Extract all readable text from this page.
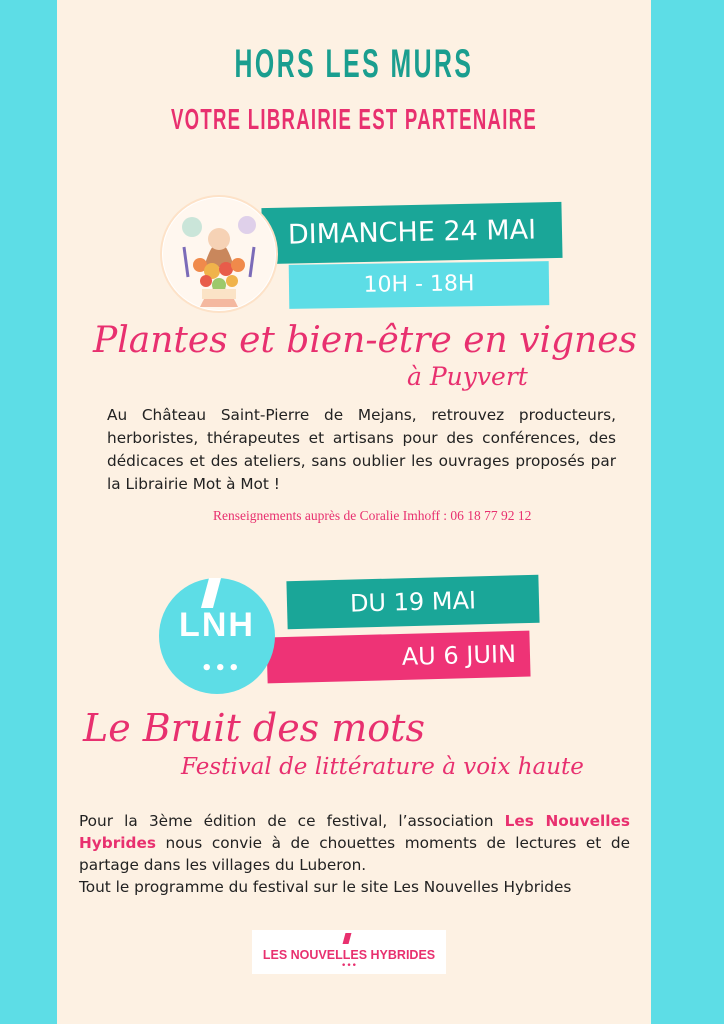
HORS LES MURS
VOTRE LIBRAIRIE EST PARTENAIRE
DIMANCHE 24 MAI
10H - 18H
Plantes et bien-être en vignes
à Puyvert
Au Château Saint-Pierre de Mejans, retrouvez producteurs, herboristes, thérapeutes et artisans pour des conférences, des dédicaces et des ateliers, sans oublier les ouvrages proposés par la Librairie Mot à Mot !
Renseignements auprès de Coralie Imhoff : 06 18 77 92 12
DU 19 MAI
AU 6 JUIN
LNH
•••
Le Bruit des mots
Festival de littérature à voix haute
Pour la 3ème édition de ce festival, l’association Les Nouvelles Hybrides nous convie à de chouettes moments de lectures et de partage dans les villages du Luberon.
Tout le programme du festival sur le site Les Nouvelles Hybrides
LES NOUVELLES HYBRIDES
•••
